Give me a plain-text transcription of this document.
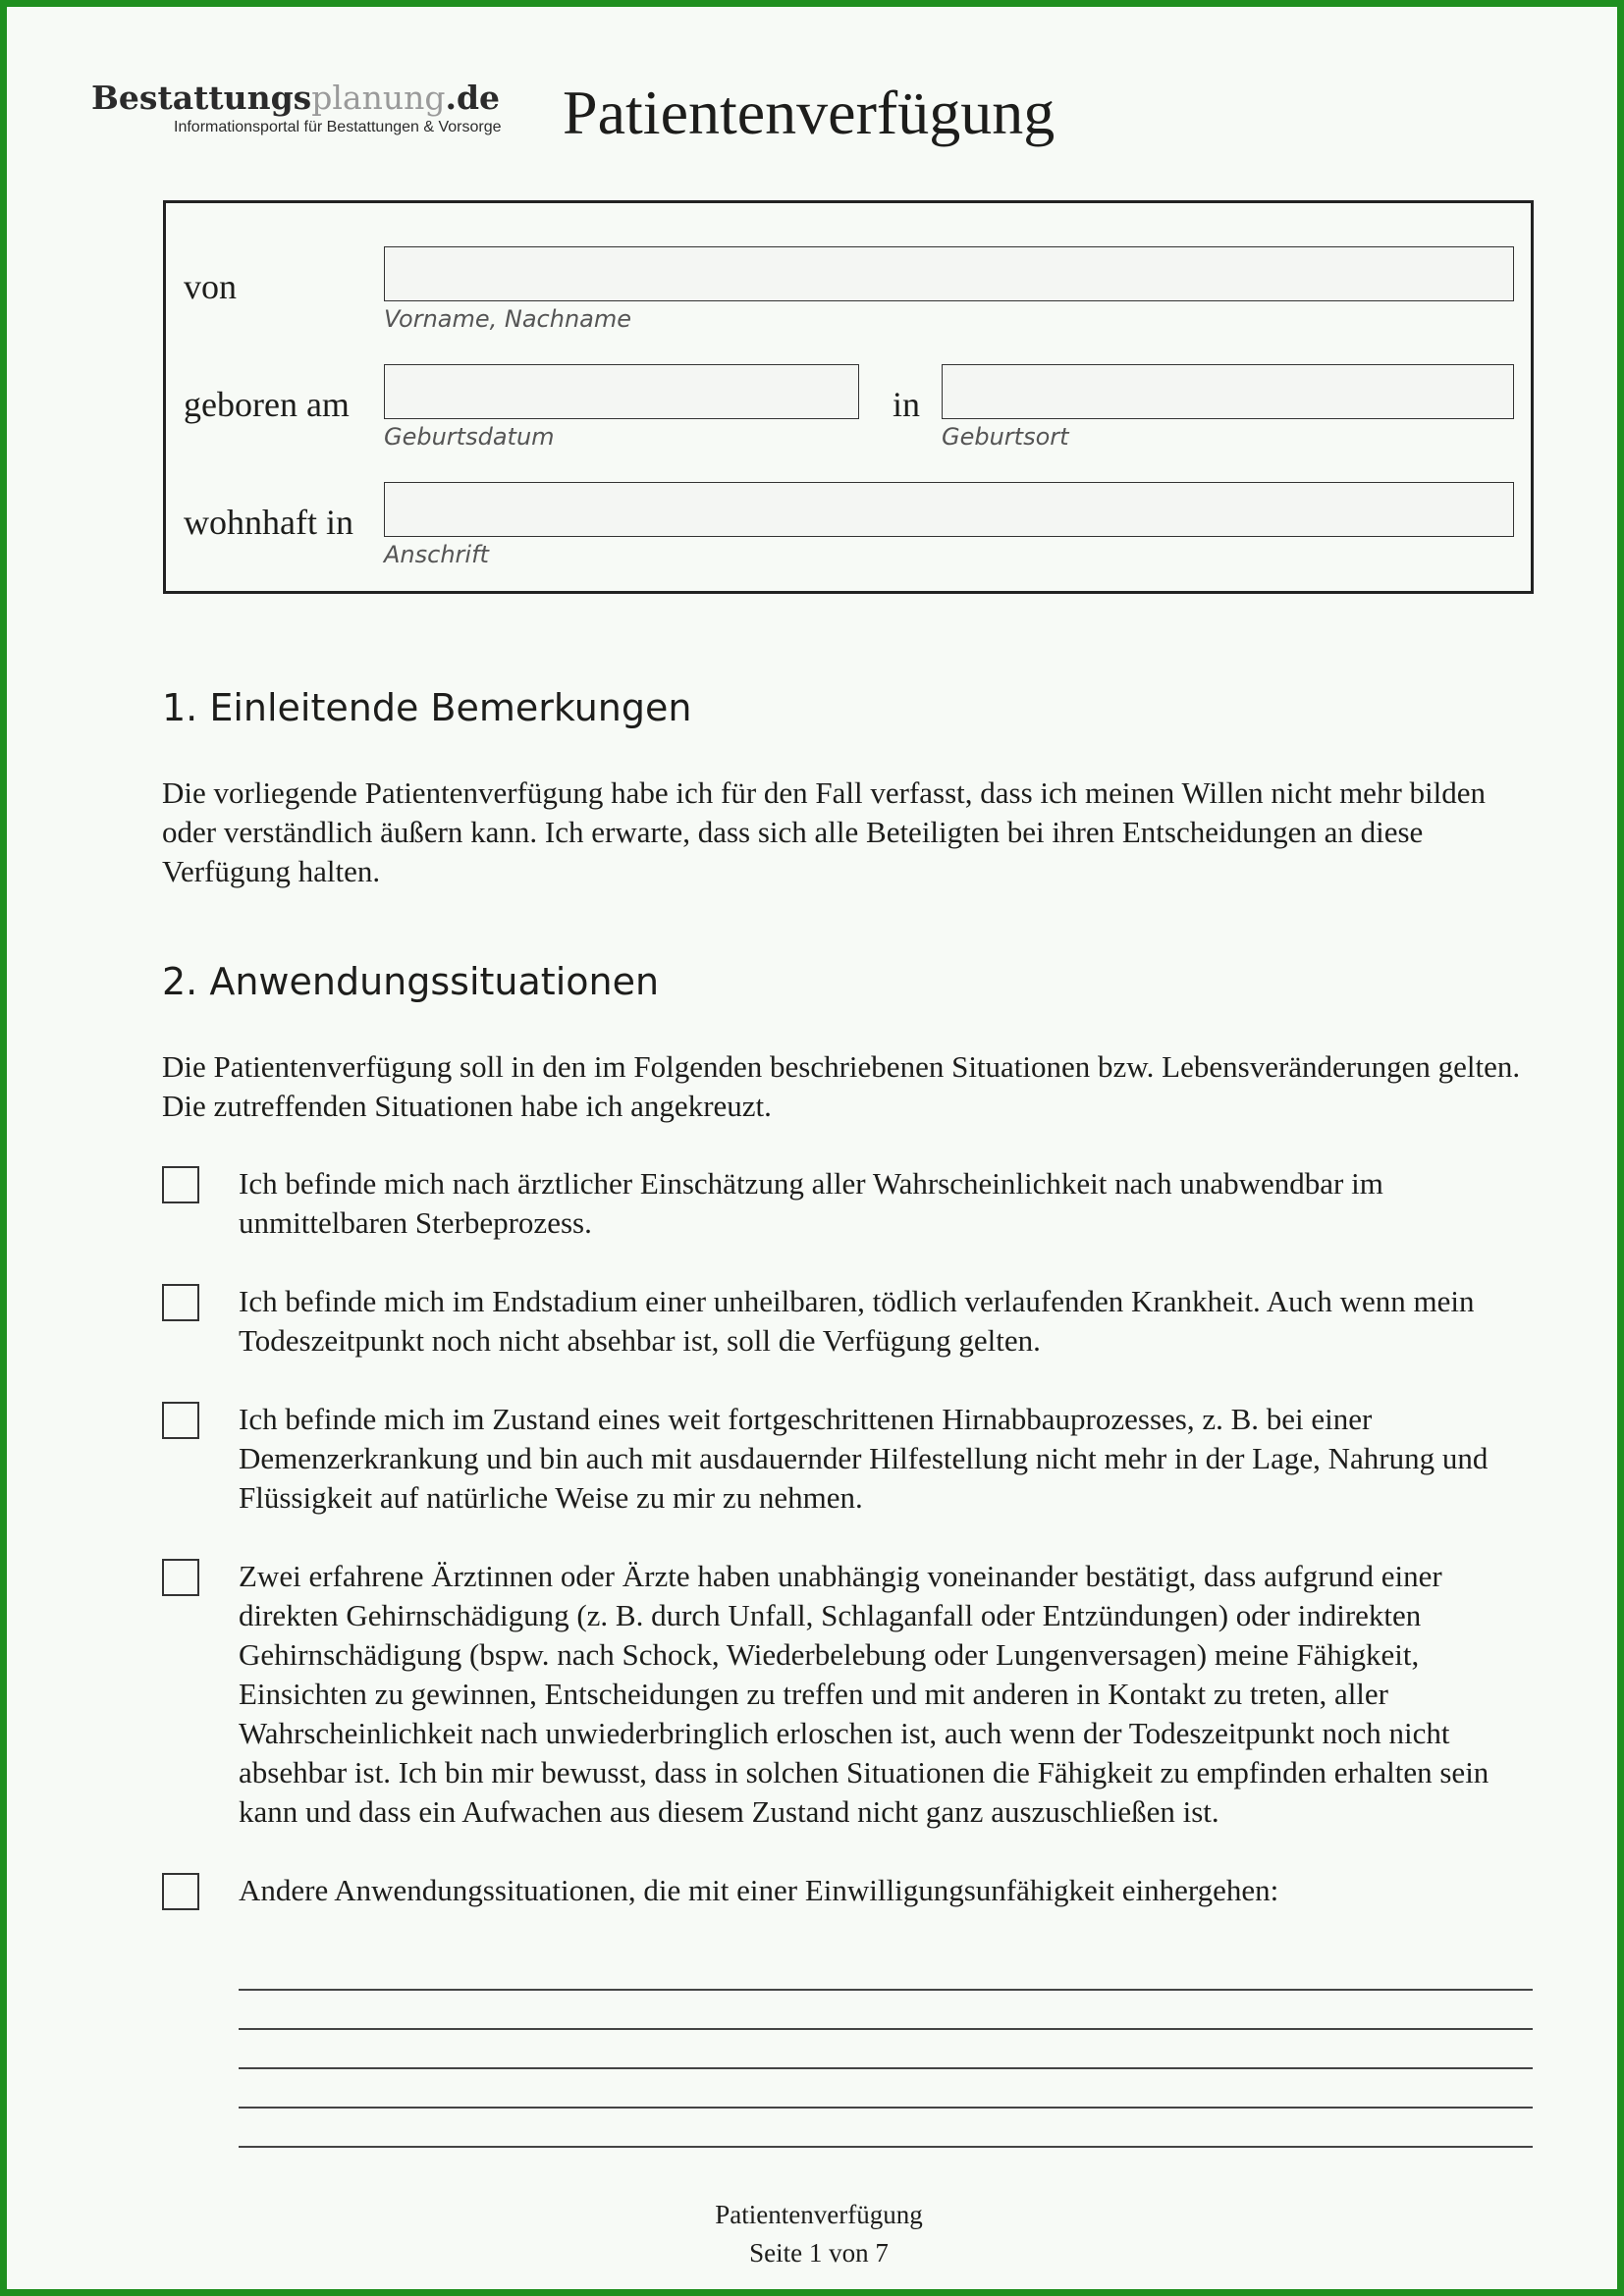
Bestattungsplanung.de
Informationsportal für Bestattungen & Vorsorge Patientenverfügung
von
Vorname, Nachname
geboren am
Geburtsdatum
in
Geburtsort
wohnhaft in
Anschrift
1. Einleitende Bemerkungen

Die vorliegende Patientenverfügung habe ich für den Fall verfasst, dass ich meinen Willen nicht mehr bilden oder verständlich äußern kann. Ich erwarte, dass sich alle Beteiligten bei ihren Entscheidungen an diese Verfügung halten.

2. Anwendungssituationen

Die Patientenverfügung soll in den im Folgenden beschriebenen Situationen bzw. Lebensveränderungen gelten. Die zutreffenden Situationen habe ich angekreuzt.

Ich befinde mich nach ärztlicher Einschätzung aller Wahrscheinlichkeit nach unabwendbar im unmittelbaren Sterbeprozess.

Ich befinde mich im Endstadium einer unheilbaren, tödlich verlaufenden Krankheit. Auch wenn mein Todeszeitpunkt noch nicht absehbar ist, soll die Verfügung gelten.

Ich befinde mich im Zustand eines weit fortgeschrittenen Hirnabbauprozesses, z. B. bei einer Demenzerkrankung und bin auch mit ausdauernder Hilfestellung nicht mehr in der Lage, Nahrung und Flüssigkeit auf natürliche Weise zu mir zu nehmen.

Zwei erfahrene Ärztinnen oder Ärzte haben unabhängig voneinander bestätigt, dass aufgrund einer direkten Gehirnschädigung (z. B. durch Unfall, Schlaganfall oder Entzündungen) oder indirekten Gehirnschädigung (bspw. nach Schock, Wiederbelebung oder Lungenversagen) meine Fähigkeit, Einsichten zu gewinnen, Entscheidungen zu treffen und mit anderen in Kontakt zu treten, aller Wahrscheinlichkeit nach unwiederbringlich erloschen ist, auch wenn der Todeszeitpunkt noch nicht absehbar ist. Ich bin mir bewusst, dass in solchen Situationen die Fähigkeit zu empfinden erhalten sein kann und dass ein Aufwachen aus diesem Zustand nicht ganz auszuschließen ist.

Andere Anwendungssituationen, die mit einer Einwilligungsunfähigkeit einhergehen:

Patientenverfügung
Seite 1 von 7
